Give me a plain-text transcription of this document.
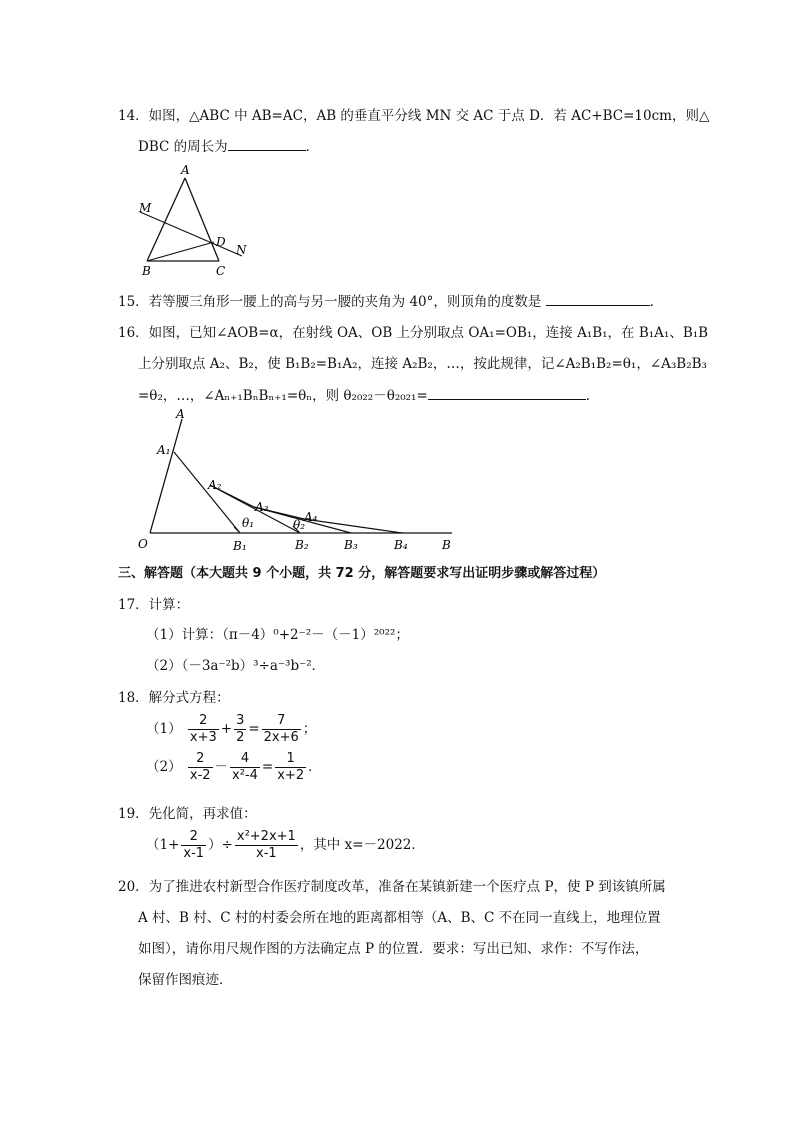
14．如图，△ABC 中 AB=AC，AB 的垂直平分线 MN 交 AC 于点 D．若 AC+BC=10cm，则△
DBC 的周长为	．
A
M
D
N
B	C
15．若等腰三角形一腰上的高与另一腰的夹角为 40°，则顶角的度数是	．
16．如图，已知∠AOB=α，在射线 OA、OB 上分别取点 OA₁=OB₁，连接 A₁B₁，在 B₁A₁、B₁B
上分别取点 A₂、B₂，使 B₁B₂=B₁A₂，连接 A₂B₂，…，按此规律，记∠A₂B₁B₂=θ₁，∠A₃B₂B₃
=θ₂，…，∠Aₙ₊₁BₙBₙ₊₁=θₙ，则 θ₂₀₂₂－θ₂₀₂₁=	．
A
A₁
A₂
A₃
A₄
θ₁	θ₂
O	B₁	B₂	B₃	B₄	B
三、解答题（本大题共 9 个小题，共 72 分，解答题要求写出证明步骤或解答过程）
17．计算：
（1）计算：（π－4）⁰+2⁻²－（－1）²⁰²²；
（2）（－3a⁻²b）³÷a⁻³b⁻²．
18．解分式方程：
$(1) \frac{2}{x+3} + \frac{3}{2} = \frac{7}{2x+6}$ ；
$(2) \frac{2}{x-2} - \frac{4}{\text{x²-4}} = \frac{1}{x+2}$ ．
19．先化简，再求值：
（$1+ \frac{2}{x-1}$ ）÷ $\frac{\text{x²+2x+1}}{x-1}$ ，其中 x=－2022．
20．为了推进农村新型合作医疗制度改革，准备在某镇新建一个医疗点 P，使 P 到该镇所属
A 村、B 村、C 村的村委会所在地的距离都相等（A、B、C 不在同一直线上，地理位置
如图），请你用尺规作图的方法确定点 P 的位置．要求：写出已知、求作：不写作法，
保留作图痕迹．
